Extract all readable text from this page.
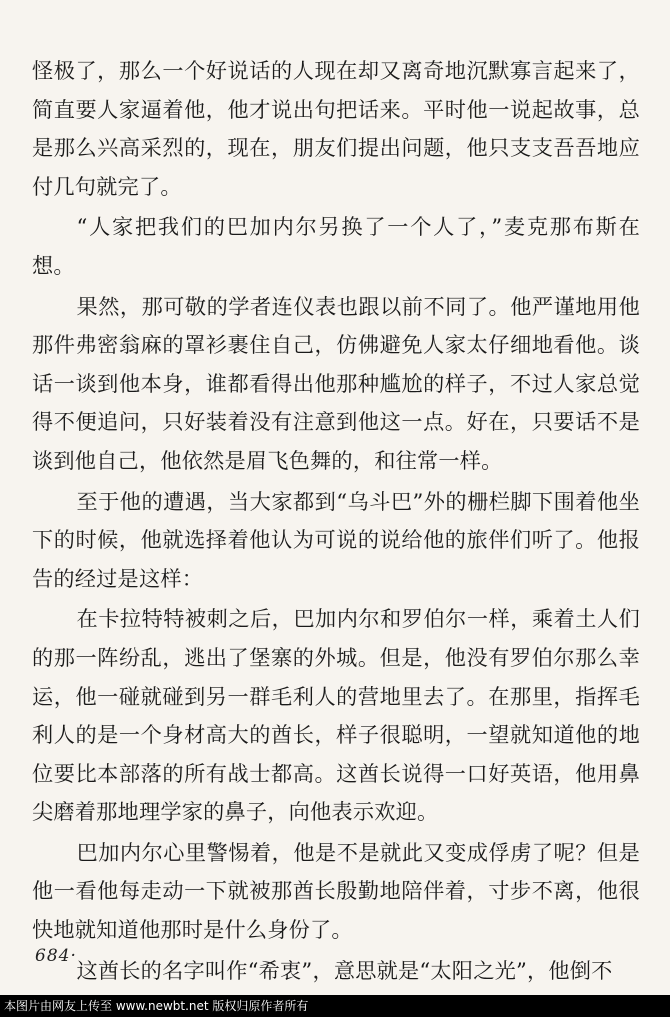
怪极了，那么一个好说话的人现在却又离奇地沉默寡言起来了，简直要人家逼着他，他才说出句把话来。平时他一说起故事，总是那么兴高采烈的，现在，朋友们提出问题，他只支支吾吾地应付几句就完了。

“人家把我们的巴加内尔另换了一个人了，”麦克那布斯在想。

果然，那可敬的学者连仪表也跟以前不同了。他严谨地用他那件弗密翁麻的罩衫裹住自己，仿佛避免人家太仔细地看他。谈话一谈到他本身，谁都看得出他那种尴尬的样子，不过人家总觉得不便追问，只好装着没有注意到他这一点。好在，只要话不是谈到他自己，他依然是眉飞色舞的，和往常一样。

至于他的遭遇，当大家都到“乌斗巴”外的栅栏脚下围着他坐下的时候，他就选择着他认为可说的说给他的旅伴们听了。他报告的经过是这样：

在卡拉特特被刺之后，巴加内尔和罗伯尔一样，乘着土人们的那一阵纷乱，逃出了堡寨的外城。但是，他没有罗伯尔那么幸运，他一碰就碰到另一群毛利人的营地里去了。在那里，指挥毛利人的是一个身材高大的酋长，样子很聪明，一望就知道他的地位要比本部落的所有战士都高。这酋长说得一口好英语，他用鼻尖磨着那地理学家的鼻子，向他表示欢迎。

巴加内尔心里警惕着，他是不是就此又变成俘虏了呢？但是他一看他每走动一下就被那酋长殷勤地陪伴着，寸步不离，他很快地就知道他那时是什么身份了。

这酋长的名字叫作“希衷”，意思就是“太阳之光”，他倒不

684·
本图片由网友上传至 www.newbt.net 版权归原作者所有
